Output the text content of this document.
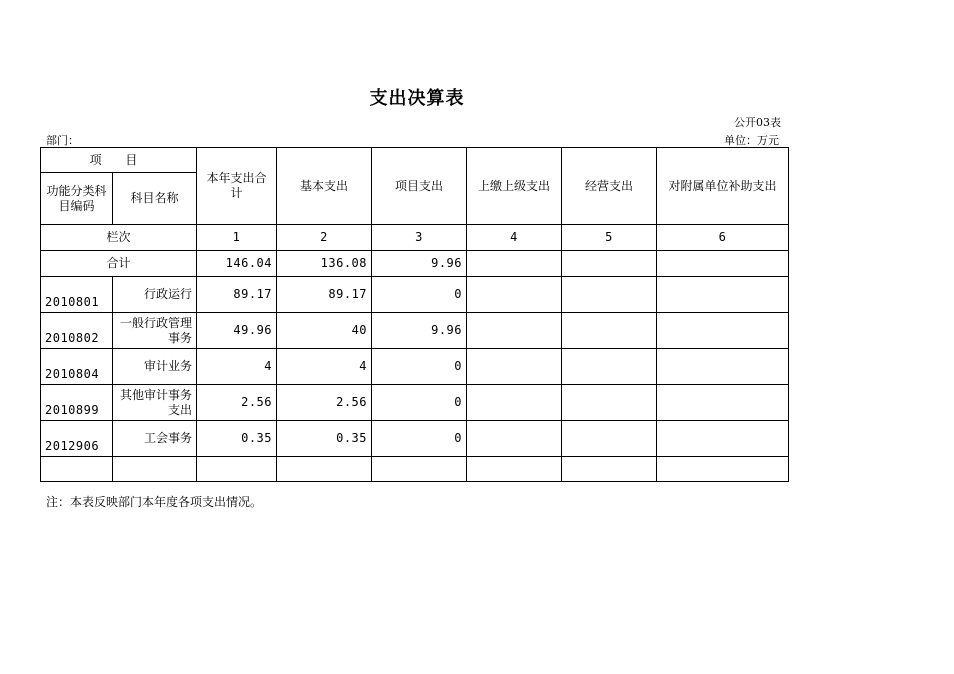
支出决算表
公开03表
部门：	单位：万元
项 目		本年支出合计	基本支出	项目支出	上缴上级支出	经营支出	对附属单位补助支出
功能分类科目编码	科目名称						
栏次		1	2	3	4	5	6
合计		146.04	136.08	9.96			
2010801	行政运行	89.17	89.17	0			
2010802	一般行政管理事务	49.96	40	9.96			
2010804	审计业务	4	4	0			
2010899	其他审计事务支出	2.56	2.56	0			
2012906	工会事务	0.35	0.35	0			

注：本表反映部门本年度各项支出情况。
